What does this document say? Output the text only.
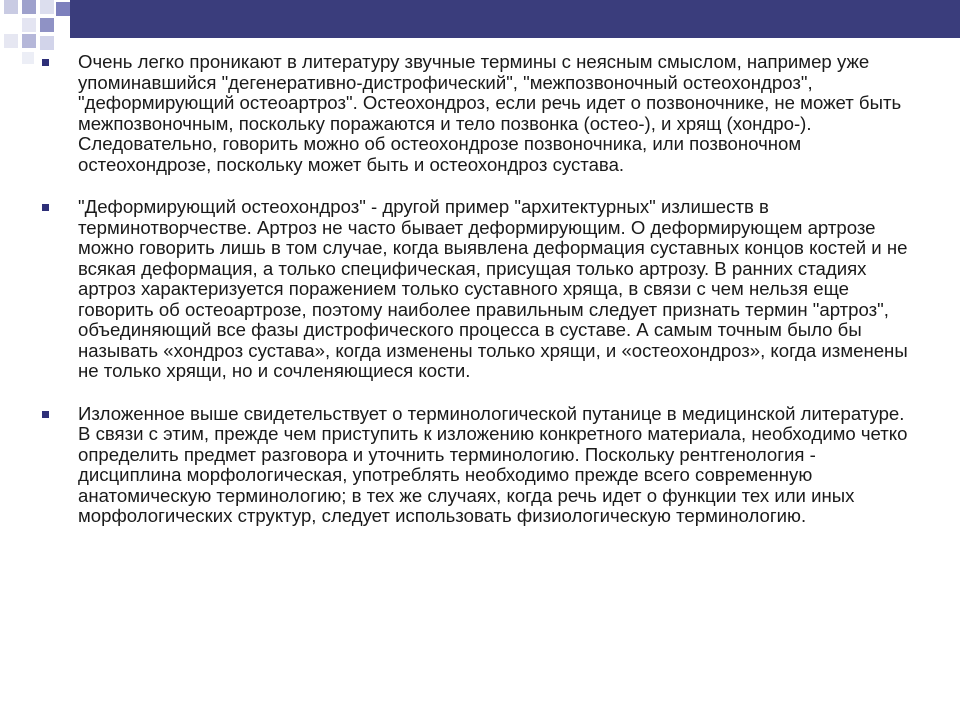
Очень легко проникают в литературу звучные термины с неясным смыслом, например уже упоминавшийся "дегенеративно-дистрофический", "межпозвоночный остеохондроз", "деформирующий остеоартроз". Остеохондроз, если речь идет о позвоночнике, не может быть межпозвоночным, поскольку поражаются и тело позвонка (остео-), и хрящ (хондро-). Следовательно, говорить можно об остеохондрозе позвоночника, или позвоночном остеохондрозе, поскольку может быть и остеохондроз сустава.

"Деформирующий остеохондроз" - другой пример "архитектурных" излишеств в терминотворчестве. Артроз не часто бывает деформирующим. О деформирующем артрозе можно говорить лишь в том случае, когда выявлена деформация суставных концов костей и не всякая деформация, а только специфическая, присущая только артрозу. В ранних стадиях артроз характеризуется поражением только суставного хряща, в связи с чем нельзя еще говорить об остеоартрозе, поэтому наиболее правильным следует признать термин "артроз", объединяющий все фазы дистрофического процесса в суставе. А самым точным было бы называть «хондроз сустава», когда изменены только хрящи, и «остеохондроз», когда изменены не только хрящи, но и сочленяющиеся кости.

Изложенное выше свидетельствует о терминологической путанице в медицинской литературе. В связи с этим, прежде чем приступить к изложению конкретного материала, необходимо четко определить предмет разговора и уточнить терминологию. Поскольку рентгенология - дисциплина морфологическая, употреблять необходимо прежде всего современную анатомическую терминологию; в тех же случаях, когда речь идет о функции тех или иных морфологических структур, следует использовать физиологическую терминологию.
